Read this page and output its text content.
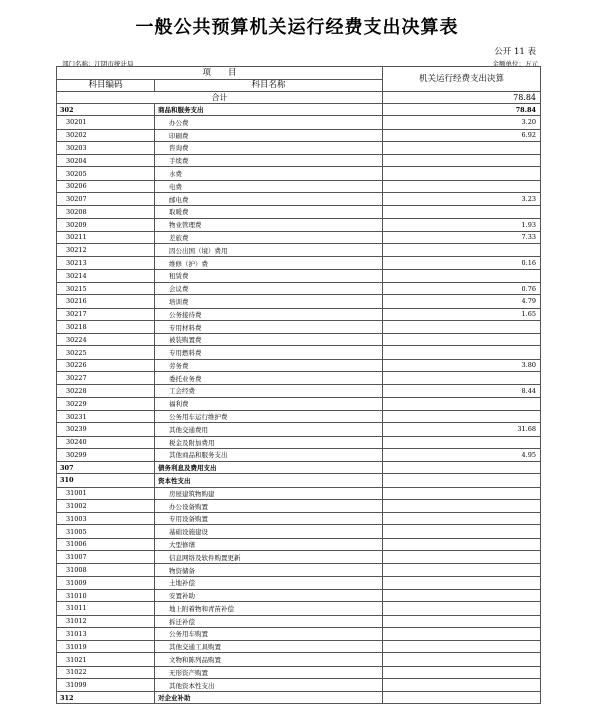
一般公共预算机关运行经费支出决算表
公开 11 表
部门名称：江阴市统计局	金额单位：万元
项　　目		机关运行经费支出决算
科目编码	科目名称	
合计		78.84
302	商品和服务支出	78.84
30201	办公费	3.20
30202	印刷费	6.92
30203	咨询费	
30204	手续费	
30205	水费	
30206	电费	
30207	邮电费	3.23
30208	取暖费	
30209	物业管理费	1.93
30211	差旅费	7.33
30212	因公出国（境）费用	
30213	维修（护）费	0.16
30214	租赁费	
30215	会议费	0.76
30216	培训费	4.79
30217	公务接待费	1.65
30218	专用材料费	
30224	被装购置费	
30225	专用燃料费	
30226	劳务费	3.80
30227	委托业务费	
30228	工会经费	8.44
30229	福利费	
30231	公务用车运行维护费	
30239	其他交通费用	31.68
30240	税金及附加费用	
30299	其他商品和服务支出	4.95
307	债务利息及费用支出	
310	资本性支出	
31001	房屋建筑物购建	
31002	办公设备购置	
31003	专用设备购置	
31005	基础设施建设	
31006	大型修缮	
31007	信息网络及软件购置更新	
31008	物资储备	
31009	土地补偿	
31010	安置补助	
31011	地上附着物和青苗补偿	
31012	拆迁补偿	
31013	公务用车购置	
31019	其他交通工具购置	
31021	文物和陈列品购置	
31022	无形资产购置	
31099	其他资本性支出	
312	对企业补助	
